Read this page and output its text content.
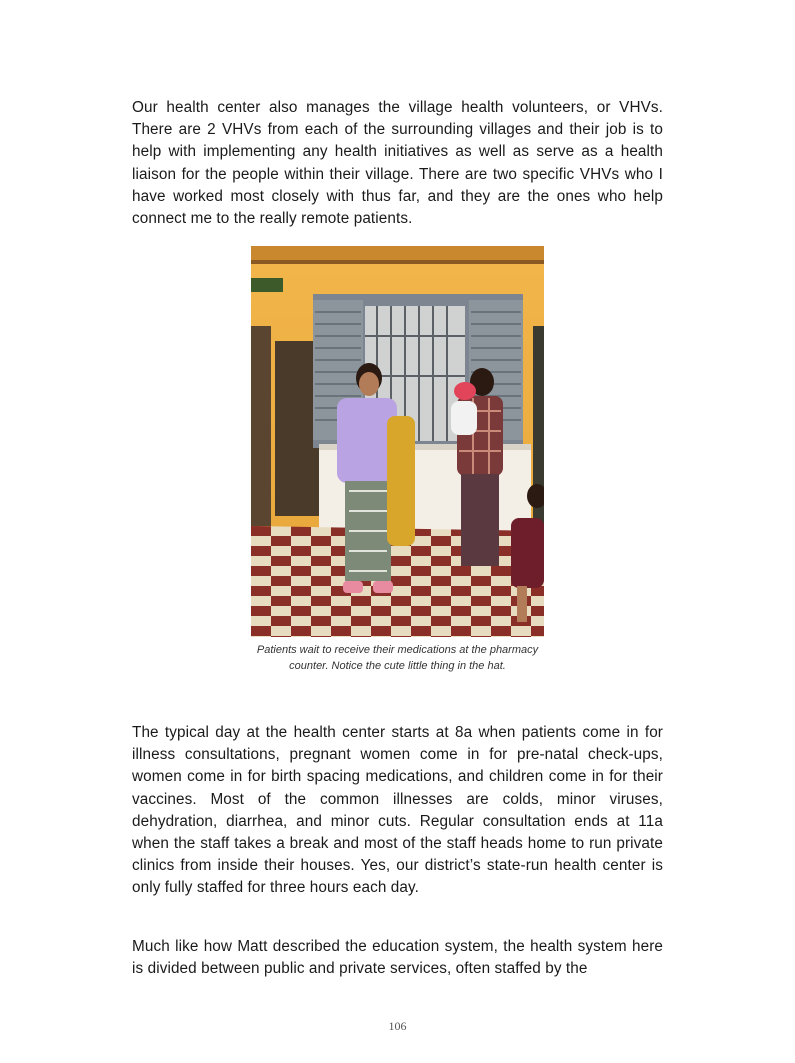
Our health center also manages the village health volunteers, or VHVs. There are 2 VHVs from each of the surrounding villages and their job is to help with implementing any health initiatives as well as serve as a health liaison for the people within their village. There are two specific VHVs who I have worked most closely with thus far, and they are the ones who help connect me to the really remote patients.

Patients wait to receive their medications at the pharmacy counter. Notice the cute little thing in the hat.

The typical day at the health center starts at 8a when patients come in for illness consultations, pregnant women come in for pre-natal check-ups, women come in for birth spacing medications, and children come in for their vaccines. Most of the common illnesses are colds, minor viruses, dehydration, diarrhea, and minor cuts. Regular consultation ends at 11a when the staff takes a break and most of the staff heads home to run private clinics from inside their houses. Yes, our district’s state-run health center is only fully staffed for three hours each day.

Much like how Matt described the education system, the health system here is divided between public and private services, often staffed by the

106
